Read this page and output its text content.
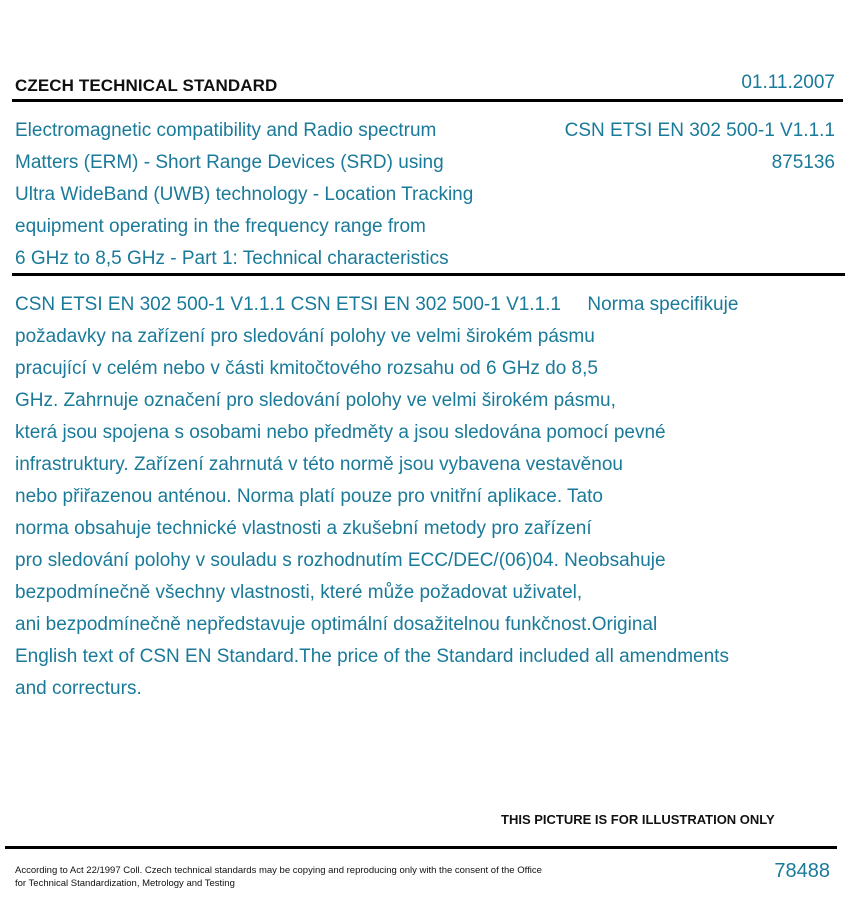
CZECH TECHNICAL STANDARD	01.11.2007
Electromagnetic compatibility and Radio spectrum
Matters (ERM) - Short Range Devices (SRD) using
Ultra WideBand (UWB) technology - Location Tracking
equipment operating in the frequency range from
6 GHz to 8,5 GHz - Part 1: Technical characteristics
CSN ETSI EN 302 500-1 V1.1.1
875136

CSN ETSI EN 302 500-1 V1.1.1 CSN ETSI EN 302 500-1 V1.1.1     Norma specifikuje

požadavky na zařízení pro sledování polohy ve velmi širokém pásmu

pracující v celém nebo v části kmitočtového rozsahu od 6 GHz do 8,5

GHz. Zahrnuje označení pro sledování polohy ve velmi širokém pásmu,

která jsou spojena s osobami nebo předměty a jsou sledována pomocí pevné

infrastruktury. Zařízení zahrnutá v této normě jsou vybavena vestavěnou

nebo přiřazenou anténou. Norma platí pouze pro vnitřní aplikace. Tato

norma obsahuje technické vlastnosti a zkušební metody pro zařízení

pro sledování polohy v souladu s rozhodnutím ECC/DEC/(06)04. Neobsahuje

bezpodmínečně všechny vlastnosti, které může požadovat uživatel,

ani bezpodmínečně nepředstavuje optimální dosažitelnou funkčnost.Original

English text of CSN EN Standard.The price of the Standard included all amendments

and correcturs.

THIS PICTURE IS FOR ILLUSTRATION ONLY
According to Act 22/1997 Coll. Czech technical standards may be copying and reproducing only with the consent of the Office
for Technical Standardization, Metrology and Testing
78488
